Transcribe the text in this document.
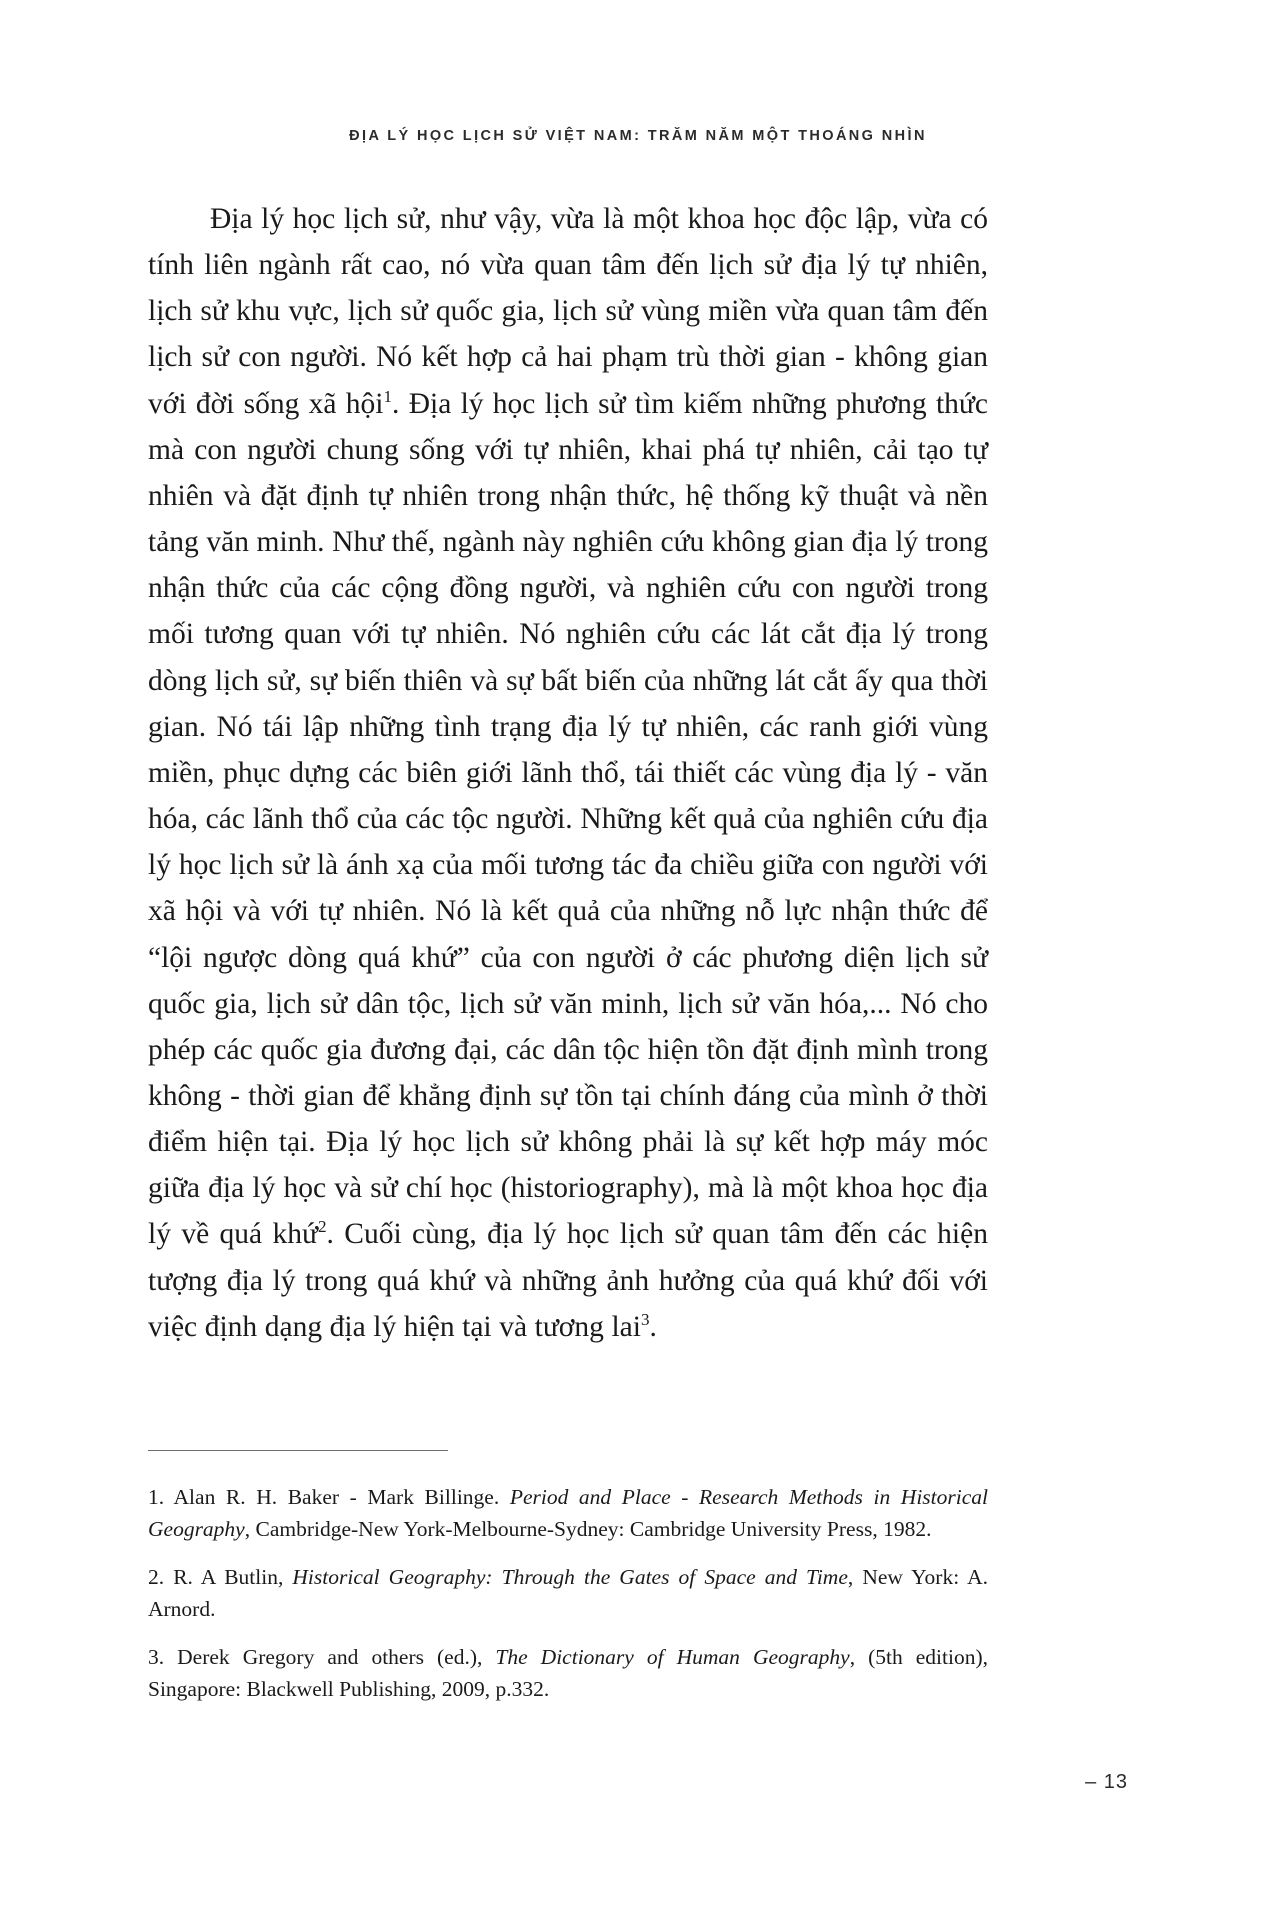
ĐỊA LÝ HỌC LỊCH SỬ VIỆT NAM: TRĂM NĂM MỘT THOÁNG NHÌN

Địa lý học lịch sử, như vậy, vừa là một khoa học độc lập, vừa có tính liên ngành rất cao, nó vừa quan tâm đến lịch sử địa lý tự nhiên, lịch sử khu vực, lịch sử quốc gia, lịch sử vùng miền vừa quan tâm đến lịch sử con người. Nó kết hợp cả hai phạm trù thời gian - không gian với đời sống xã hội$^1$. Địa lý học lịch sử tìm kiếm những phương thức mà con người chung sống với tự nhiên, khai phá tự nhiên, cải tạo tự nhiên và đặt định tự nhiên trong nhận thức, hệ thống kỹ thuật và nền tảng văn minh. Như thế, ngành này nghiên cứu không gian địa lý trong nhận thức của các cộng đồng người, và nghiên cứu con người trong mối tương quan với tự nhiên. Nó nghiên cứu các lát cắt địa lý trong dòng lịch sử, sự biến thiên và sự bất biến của những lát cắt ấy qua thời gian. Nó tái lập những tình trạng địa lý tự nhiên, các ranh giới vùng miền, phục dựng các biên giới lãnh thổ, tái thiết các vùng địa lý - văn hóa, các lãnh thổ của các tộc người. Những kết quả của nghiên cứu địa lý học lịch sử là ánh xạ của mối tương tác đa chiều giữa con người với xã hội và với tự nhiên. Nó là kết quả của những nỗ lực nhận thức để “lội ngược dòng quá khứ” của con người ở các phương diện lịch sử quốc gia, lịch sử dân tộc, lịch sử văn minh, lịch sử văn hóa,... Nó cho phép các quốc gia đương đại, các dân tộc hiện tồn đặt định mình trong không - thời gian để khẳng định sự tồn tại chính đáng của mình ở thời điểm hiện tại. Địa lý học lịch sử không phải là sự kết hợp máy móc giữa địa lý học và sử chí học (historiography), mà là một khoa học địa lý về quá khứ$^2$. Cuối cùng, địa lý học lịch sử quan tâm đến các hiện tượng địa lý trong quá khứ và những ảnh hưởng của quá khứ đối với việc định dạng địa lý hiện tại và tương lai$^3$.

1. Alan R. H. Baker - Mark Billinge. Period and Place - Research Methods in Historical Geography, Cambridge-New York-Melbourne-Sydney: Cambridge University Press, 1982.

2. R. A Butlin, Historical Geography: Through the Gates of Space and Time, New York: A. Arnord.

3. Derek Gregory and others (ed.), The Dictionary of Human Geography, (5th edition), Singapore: Blackwell Publishing, 2009, p.332.

– 13
